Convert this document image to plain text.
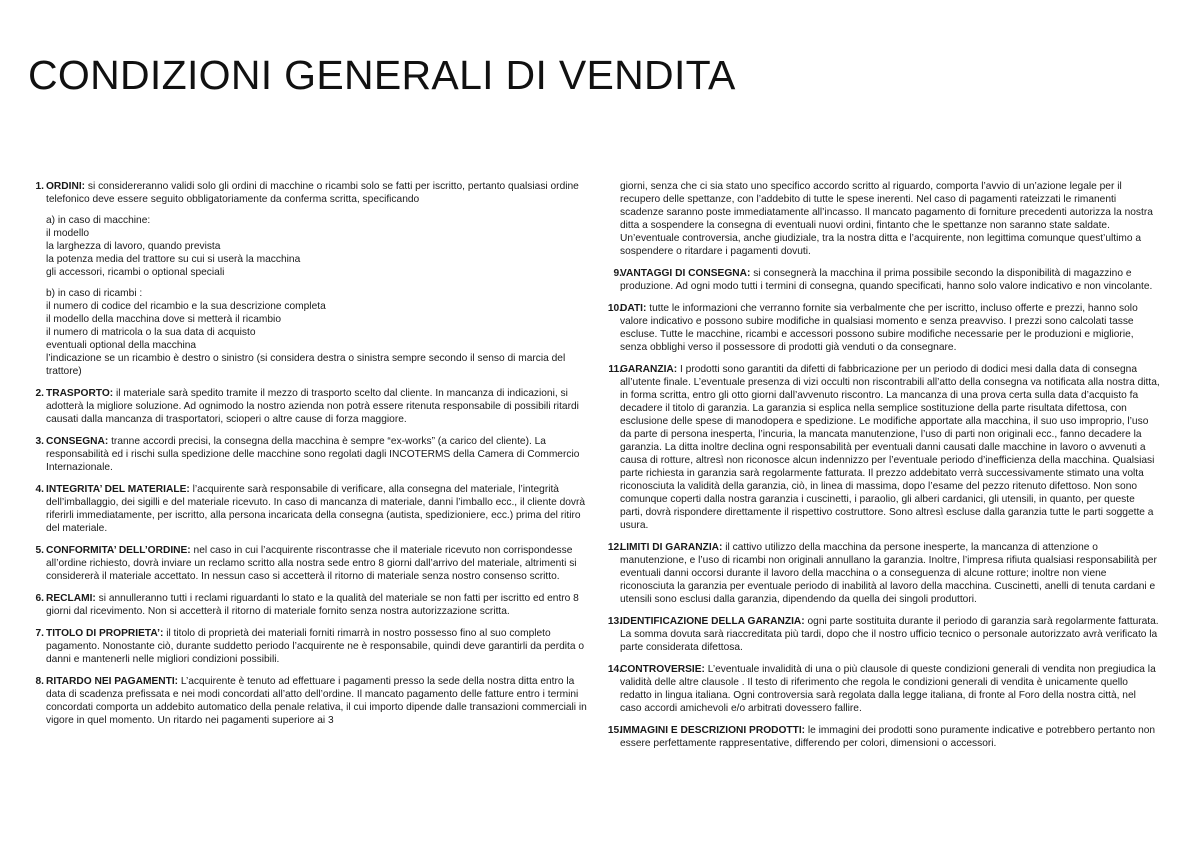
CONDIZIONI GENERALI DI VENDITA
1. ORDINI: si considereranno validi solo gli ordini di macchine o ricambi solo se fatti per iscritto, pertanto qualsiasi ordine telefonico deve essere seguito obbligatoriamente da conferma scritta, specificando

a) in caso di macchine:
il modello
la larghezza di lavoro, quando prevista
la potenza media del trattore su cui si userà la macchina
gli accessori, ricambi o optional speciali
b) in caso di ricambi :
il numero di codice del ricambio e la sua descrizione completa
il modello della macchina dove si metterà il ricambio
il numero di matricola o la sua data di acquisto
eventuali optional della macchina
l’indicazione se un ricambio è destro o sinistro (si considera destra o sinistra sempre secondo il senso di marcia del trattore)
2. TRASPORTO: il materiale sarà spedito tramite il mezzo di trasporto scelto dal cliente. In mancanza di indicazioni, si adotterà la migliore soluzione. Ad ognimodo la nostro azienda non potrà essere ritenuta responsabile di possibili ritardi causati dalla mancanza di trasportatori, scioperi o altre cause di forza maggiore.

3. CONSEGNA: tranne accordi precisi, la consegna della macchina è sempre “ex-works” (a carico del cliente). La responsabilità ed i rischi sulla spedizione delle macchine sono regolati dagli INCOTERMS della Camera di Commercio Internazionale.

4. INTEGRITA’ DEL MATERIALE: l’acquirente sarà responsabile di verificare, alla consegna del materiale, l’integrità dell’imballaggio, dei sigilli e del materiale ricevuto. In caso di mancanza di materiale, danni l’imballo ecc., il cliente dovrà riferirli immediatamente, per iscritto, alla persona incaricata della consegna (autista, spedizioniere, ecc.) prima del ritiro del materiale.

5. CONFORMITA’ DELL’ORDINE: nel caso in cui l’acquirente riscontrasse che il materiale ricevuto non corrispondesse all’ordine richiesto, dovrà inviare un reclamo scritto alla nostra sede entro 8 giorni dall’arrivo del materiale, altrimenti si considererà il materiale accettato. In nessun caso si accetterà il ritorno di materiale senza nostro consenso scritto.

6. RECLAMI: si annulleranno tutti i reclami riguardanti lo stato e la qualità del materiale se non fatti per iscritto ed entro 8 giorni dal ricevimento. Non si accetterà il ritorno di materiale fornito senza nostra autorizzazione scritta.

7. TITOLO DI PROPRIETA’: il titolo di proprietà dei materiali forniti rimarrà in nostro possesso fino al suo completo pagamento. Nonostante ciò, durante suddetto periodo l’acquirente ne è responsabile, quindi deve garantirli da perdita o danni e mantenerli nelle migliori condizioni possibili.

8. RITARDO NEI PAGAMENTI: L’acquirente è tenuto ad effettuare i pagamenti presso la sede della nostra ditta entro la data di scadenza prefissata e nei modi concordati all’atto dell’ordine. Il mancato pagamento delle fatture entro i termini concordati comporta un addebito automatico della penale relativa, il cui importo dipende dalle transazioni commerciali in vigore in quel momento. Un ritardo nei pagamenti superiore ai 3

giorni, senza che ci sia stato uno specifico accordo scritto al riguardo, comporta l’avvio di un’azione legale per il recupero delle spettanze, con l’addebito di tutte le spese inerenti. Nel caso di pagamenti rateizzati le rimanenti scadenze saranno poste immediatamente all’incasso. Il mancato pagamento di forniture precedenti autorizza la nostra ditta a sospendere la consegna di eventuali nuovi ordini, fintanto che le spettanze non saranno state saldate. Un’eventuale controversia, anche giudiziale, tra la nostra ditta e l’acquirente, non legittima comunque quest’ultimo a sospendere o ritardare i pagamenti dovuti.

9.

VANTAGGI DI CONSEGNA: si consegnerà la macchina il prima possibile secondo la disponibilità di magazzino e produzione. Ad ogni modo tutti i termini di consegna, quando specificati, hanno solo valore indicativo e non vincolante.

10.

DATI: tutte le informazioni che verranno fornite sia verbalmente che per iscritto, incluso offerte e prezzi, hanno solo valore indicativo e possono subire modifiche in qualsiasi momento e senza preavviso. I prezzi sono calcolati tasse escluse. Tutte le macchine, ricambi e accessori possono subire modifiche necessarie per le produzioni e migliorie, senza obblighi verso il possessore di prodotti già venduti o da consegnare.

11.

GARANZIA: I prodotti sono garantiti da difetti di fabbricazione per un periodo di dodici mesi dalla data di consegna all’utente finale. L’eventuale presenza di vizi occulti non riscontrabili all’atto della consegna va notificata alla nostra ditta, in forma scritta, entro gli otto giorni dall’avvenuto riscontro. La mancanza di una prova certa sulla data d’acquisto fa decadere il titolo di garanzia. La garanzia si esplica nella semplice sostituzione della parte risultata difettosa, con esclusione delle spese di manodopera e spedizione. Le modifiche apportate alla macchina, il suo uso improprio, l’uso da parte di persona inesperta, l’incuria, la mancata manutenzione, l’uso di parti non originali ecc., fanno decadere la garanzia. La ditta inoltre declina ogni responsabilità per eventuali danni causati dalle macchine in lavoro o avvenuti a causa di rotture, altresì non riconosce alcun indennizzo per l’eventuale periodo d’inefficienza della macchina. Qualsiasi parte richiesta in garanzia sarà regolarmente fatturata. Il prezzo addebitato verrà successivamente stimato una volta riconosciuta la validità della garanzia, ciò, in linea di massima, dopo l’esame del pezzo ritenuto difettoso. Non sono comunque coperti dalla nostra garanzia i cuscinetti, i paraolio, gli alberi cardanici, gli utensili, in quanto, per queste parti, dovrà rispondere direttamente il rispettivo costruttore. Sono altresì escluse dalla garanzia tutte le parti soggette a usura.

12.

LIMITI DI GARANZIA: il cattivo utilizzo della macchina da persone inesperte, la mancanza di attenzione o manutenzione, e l’uso di ricambi non originali annullano la garanzia. Inoltre, l’impresa rifiuta qualsiasi responsabilità per eventuali danni occorsi durante il lavoro della macchina o a conseguenza di alcune rotture; inoltre non viene riconosciuta la garanzia per eventuale periodo di inabilità al lavoro della macchina. Cuscinetti, anelli di tenuta cardani e utensili sono esclusi dalla garanzia, dipendendo da quella dei singoli produttori.

13.

IDENTIFICAZIONE DELLA GARANZIA: ogni parte sostituita durante il periodo di garanzia sarà regolarmente fatturata. La somma dovuta sarà riaccreditata più tardi, dopo che il nostro ufficio tecnico o personale autorizzato avrà verificato la parte considerata difettosa.

14.

CONTROVERSIE: L’eventuale invalidità di una o più clausole di queste condizioni generali di vendita non pregiudica la validità delle altre clausole . Il testo di riferimento che regola le condizioni generali di vendita è unicamente quello redatto in lingua italiana. Ogni controversia sarà regolata dalla legge italiana, di fronte al Foro della nostra città, nel caso accordi amichevoli e/o arbitrati dovessero fallire.

15.

IMMAGINI E DESCRIZIONI PRODOTTI: le immagini dei prodotti sono puramente indicative e potrebbero pertanto non essere perfettamente rappresentative, differendo per colori, dimensioni o accessori.
